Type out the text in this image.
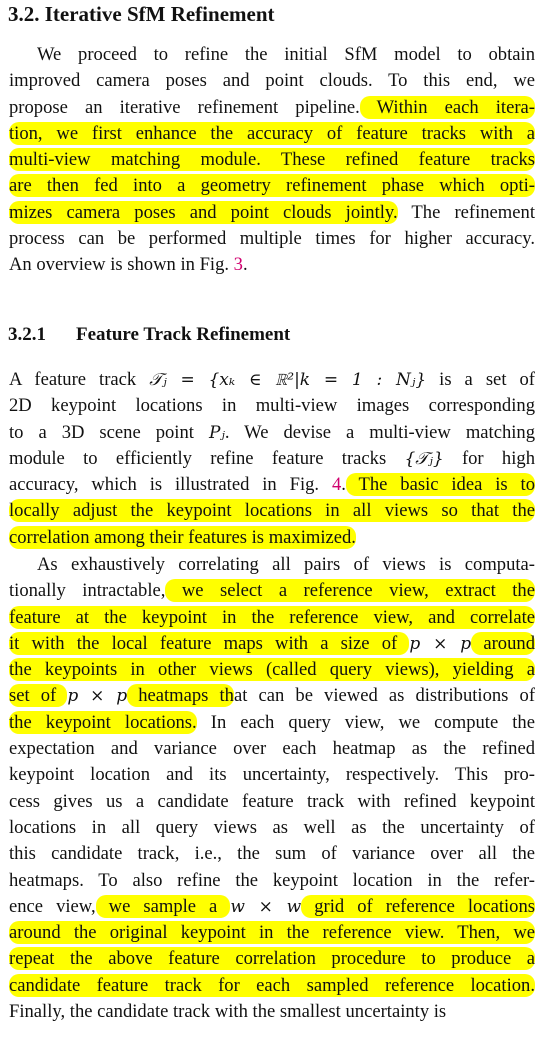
3.2. Iterative SfM Refinement
We proceed to refine the initial SfM model to obtain
improved camera poses and point clouds. To this end, we
propose an iterative refinement pipeline. Within each itera-
tion, we first enhance the accuracy of feature tracks with a
multi-view matching module. These refined feature tracks
are then fed into a geometry refinement phase which opti-
mizes camera poses and point clouds jointly. The refinement
process can be performed multiple times for higher accuracy.
An overview is shown in Fig. 3.
3.2.1 Feature Track Refinement
A feature track 𝒯ⱼ = {xₖ ∈ ℝ²|k = 1 : Nⱼ} is a set of
2D keypoint locations in multi-view images corresponding
to a 3D scene point Pⱼ. We devise a multi-view matching
module to efficiently refine feature tracks {𝒯ⱼ} for high
accuracy, which is illustrated in Fig. 4. The basic idea is to
locally adjust the keypoint locations in all views so that the
correlation among their features is maximized.
As exhaustively correlating all pairs of views is computa-
tionally intractable, we select a reference view, extract the
feature at the keypoint in the reference view, and correlate
it with the local feature maps with a size of p × p around
the keypoints in other views (called query views), yielding a
set of p × p heatmaps that can be viewed as distributions of
the keypoint locations. In each query view, we compute the
expectation and variance over each heatmap as the refined
keypoint location and its uncertainty, respectively. This pro-
cess gives us a candidate feature track with refined keypoint
locations in all query views as well as the uncertainty of
this candidate track, i.e., the sum of variance over all the
heatmaps. To also refine the keypoint location in the refer-
ence view, we sample a w × w grid of reference locations
around the original keypoint in the reference view. Then, we
repeat the above feature correlation procedure to produce a
candidate feature track for each sampled reference location.
Finally, the candidate track with the smallest uncertainty is
